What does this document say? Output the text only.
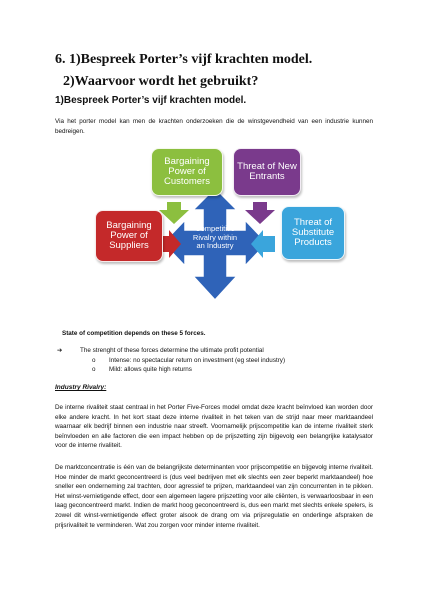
6. 1)Bespreek Porter’s vijf krachten model.
2)Waarvoor wordt het gebruikt?
1)Bespreek Porter’s vijf krachten model.

Via het porter model kan men de krachten onderzoeken die de winstgevendheid van een industrie kunnen bedreigen.

Bargaining Power of Customers
Threat of New Entrants
Bargaining Power of Suppliers
Threat of Substitute Products
Competitive Rivalry within an Industry
State of competition depends on these 5 forces.
➔	The strenght of these forces determine the ultimate profit potential
o Intense: no spectacular return on investment (eg steel industry)
o Mild: allows quite high returns
Industry Rivalry:

De interne rivaliteit staat centraal in het Porter Five-Forces model omdat deze kracht beïnvloed kan worden door elke andere kracht. In het kort staat deze interne rivaliteit in het teken van de strijd naar meer marktaandeel waarnaar elk bedrijf binnen een industrie naar streeft. Voornamelijk prijscompetitie kan de interne rivaliteit sterk beïnvloeden en alle factoren die een impact hebben op de prijszetting zijn bijgevolg een belangrijke katalysator voor de interne rivaliteit.

De marktconcentratie is één van de belangrijkste determinanten voor prijscompetitie en bijgevolg interne rivaliteit. Hoe minder de markt geconcentreerd is (dus veel bedrijven met elk slechts een zeer beperkt marktaandeel) hoe sneller een onderneming zal trachten, door agressief te prijzen, marktaandeel van zijn concurrenten in te pikken. Het winst-vernietigende effect, door een algemeen lagere prijszetting voor alle cliënten, is verwaarloosbaar in een laag geconcentreerd markt. Indien de markt hoog geconcentreerd is, dus een markt met slechts enkele spelers, is zowel dit winst-vernietigende effect groter alsook de drang om via prijsregulatie en onderlinge afspraken de prijsrivaliteit te verminderen. Wat zou zorgen voor minder interne rivaliteit.
